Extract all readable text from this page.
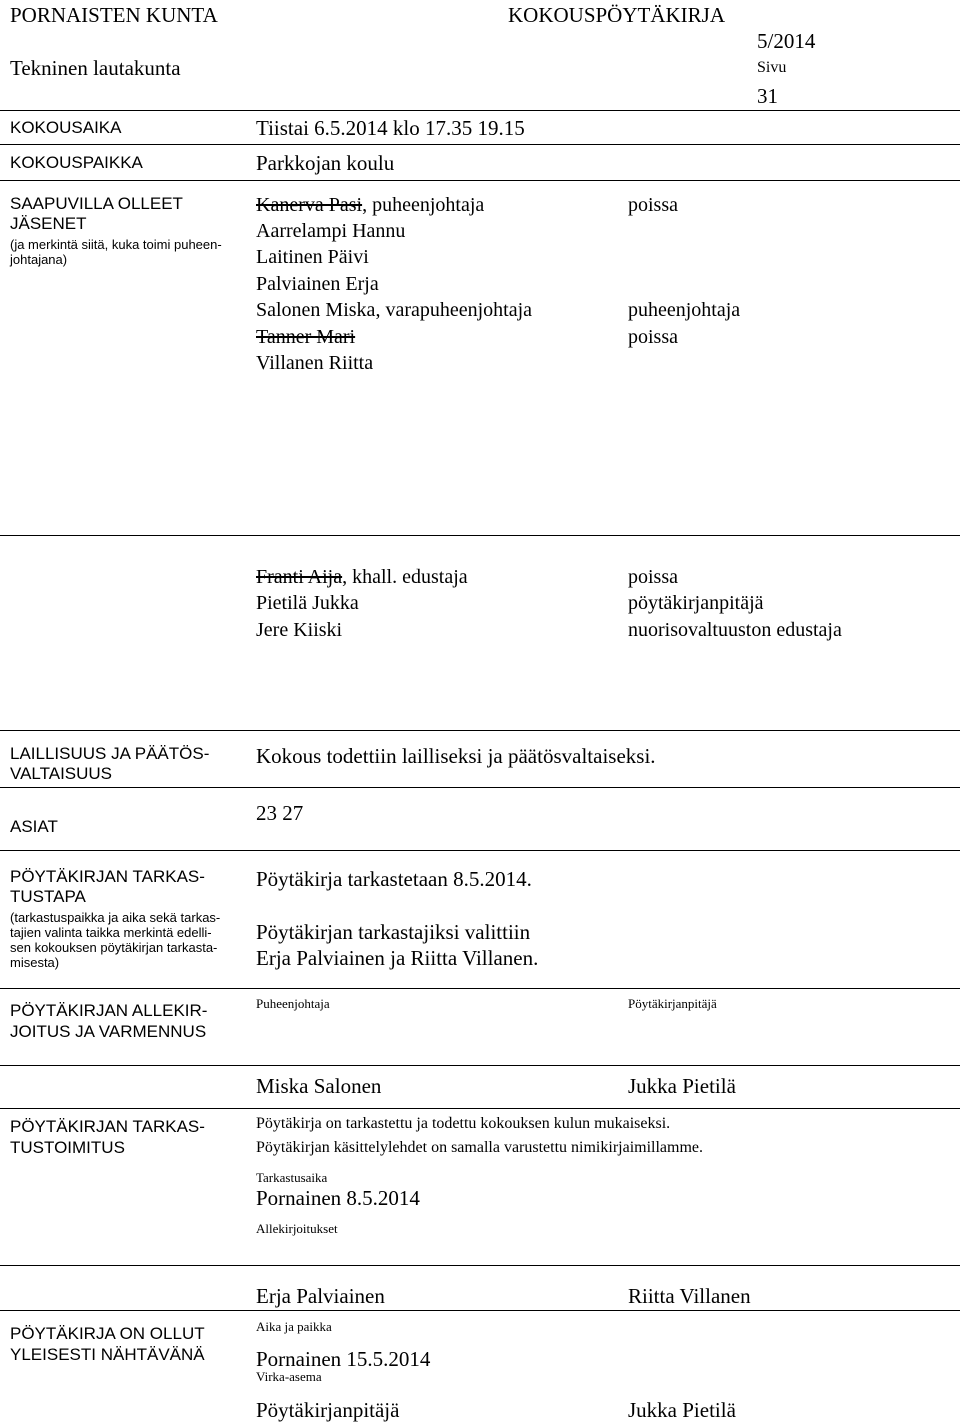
PORNAISTEN KUNTA
Tekninen lautakunta
KOKOUSPÖYTÄKIRJA
5/2014
Sivu
31
KOKOUSAIKA	Tiistai 6.5.2014 klo 17.35 19.15
KOKOUSPAIKKA	Parkkojan koulu
SAAPUVILLA OLLEET
JÄSENET
(ja merkintä siitä, kuka toimi puheen-
johtajana)
Kanerva Pasi, puheenjohtaja	poissa
Aarrelampi Hannu
Laitinen Päivi
Palviainen Erja
Salonen Miska, varapuheenjohtaja	puheenjohtaja
Tanner Mari	poissa
Villanen Riitta
Franti Aija, khall. edustaja	poissa
Pietilä Jukka	pöytäkirjanpitäjä
Jere Kiiski	nuorisovaltuuston edustaja
LAILLISUUS JA PÄÄTÖS-
VALTAISUUS
Kokous todettiin lailliseksi ja päätösvaltaiseksi.
ASIAT
23 27
PÖYTÄKIRJAN TARKAS-
TUSTAPA
(tarkastuspaikka ja aika sekä tarkas-
tajien valinta taikka merkintä edelli-
sen kokouksen pöytäkirjan tarkasta-
misesta)
Pöytäkirja tarkastetaan 8.5.2014.
Pöytäkirjan tarkastajiksi valittiin
Erja Palviainen ja Riitta Villanen.
PÖYTÄKIRJAN ALLEKIR-
JOITUS JA VARMENNUS
Puheenjohtaja	Pöytäkirjanpitäjä
Miska Salonen	Jukka Pietilä
PÖYTÄKIRJAN TARKAS-
TUSTOIMITUS
Pöytäkirja on tarkastettu ja todettu kokouksen kulun mukaiseksi.
Pöytäkirjan käsittelylehdet on samalla varustettu nimikirjaimillamme.
Tarkastusaika
Pornainen 8.5.2014
Allekirjoitukset
Erja Palviainen	Riitta Villanen
PÖYTÄKIRJA ON OLLUT
YLEISESTI NÄHTÄVÄNÄ
Aika ja paikka
Pornainen 15.5.2014
Virka-asema
Pöytäkirjanpitäjä	Jukka Pietilä
